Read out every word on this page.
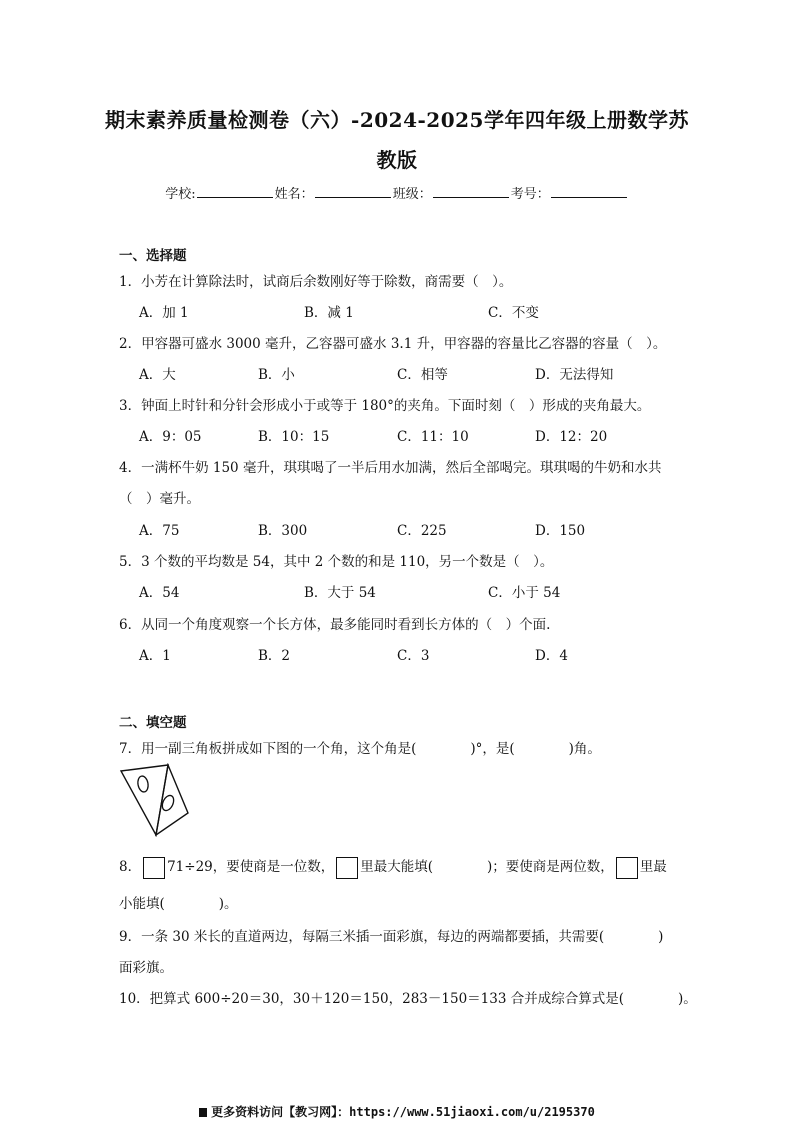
期末素养质量检测卷（六）-2024-2025学年四年级上册数学苏
教版
学校:	姓名：	班级：	考号：
一、选择题
1．小芳在计算除法时，试商后余数刚好等于除数，商需要（　）。
A．加 1	B．减 1	C．不变
2．甲容器可盛水 3000 毫升，乙容器可盛水 3.1 升，甲容器的容量比乙容器的容量（　）。
A．大	B．小	C．相等	D．无法得知
3．钟面上时针和分针会形成小于或等于 180°的夹角。下面时刻（　）形成的夹角最大。
A．9：05	B．10：15	C．11：10	D．12：20
4．一满杯牛奶 150 毫升，琪琪喝了一半后用水加满，然后全部喝完。琪琪喝的牛奶和水共
（　）毫升。
A．75	B．300	C．225	D．150
5．3 个数的平均数是 54，其中 2 个数的和是 110，另一个数是（　）。
A．54	B．大于 54	C．小于 54
6．从同一个角度观察一个长方体，最多能同时看到长方体的（　）个面.
A．1	B．2	C．3	D．4
二、填空题
7．用一副三角板拼成如下图的一个角，这个角是(　　　　)°，是(　　　　)角。
8． 71÷29，要使商是一位数， 里最大能填(　　　　)；要使商是两位数， 里最
小能填(　　　　)。
9．一条 30 米长的直道两边，每隔三米插一面彩旗，每边的两端都要插，共需要(　　　　)
面彩旗。
10．把算式 600÷20＝30，30＋120＝150，283－150＝133 合并成综合算式是(　　　　)。
更多资料访问【教习网】：https://www.51jiaoxi.com/u/2195370
